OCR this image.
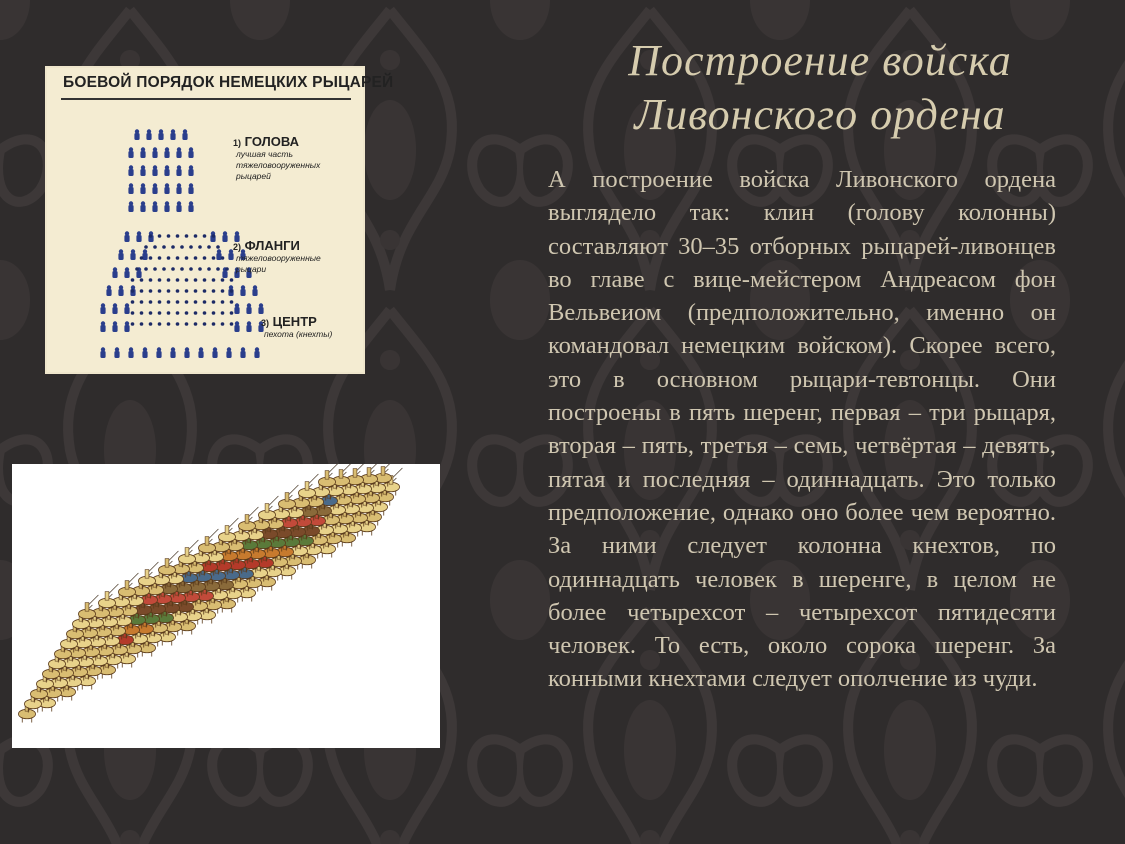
Построение войска
Ливонского ордена

А построение войска Ливонского ордена выглядело так: клин (голову колонны) составляют 30–35 отборных рыцарей-ливонцев во главе с вице-мейстером Андреасом фон Вельвеиом (предположительно, именно он командовал немецким войском). Скорее всего, это в основном рыцари-тевтонцы. Они построены в пять шеренг, первая – три рыцаря, вторая – пять, третья – семь, четвёртая – девять, пятая и последняя – одиннадцать. Это только предположение, однако оно более чем вероятно. За ними следует колонна кнехтов, по одиннадцать человек в шеренге, в целом не более четырехсот – четырехсот пятидесяти человек. То есть, около сорока шеренг. За конными кнехтами следует ополчение из чуди.

БОЕВОЙ ПОРЯДОК НЕМЕЦКИХ РЫЦАРЕЙ
1) ГОЛОВА
лучшая часть тяжеловооруженных рыцарей
2) ФЛАНГИ
тяжеловооруженные рыцари
3) ЦЕНТР
пехота (кнехты)
